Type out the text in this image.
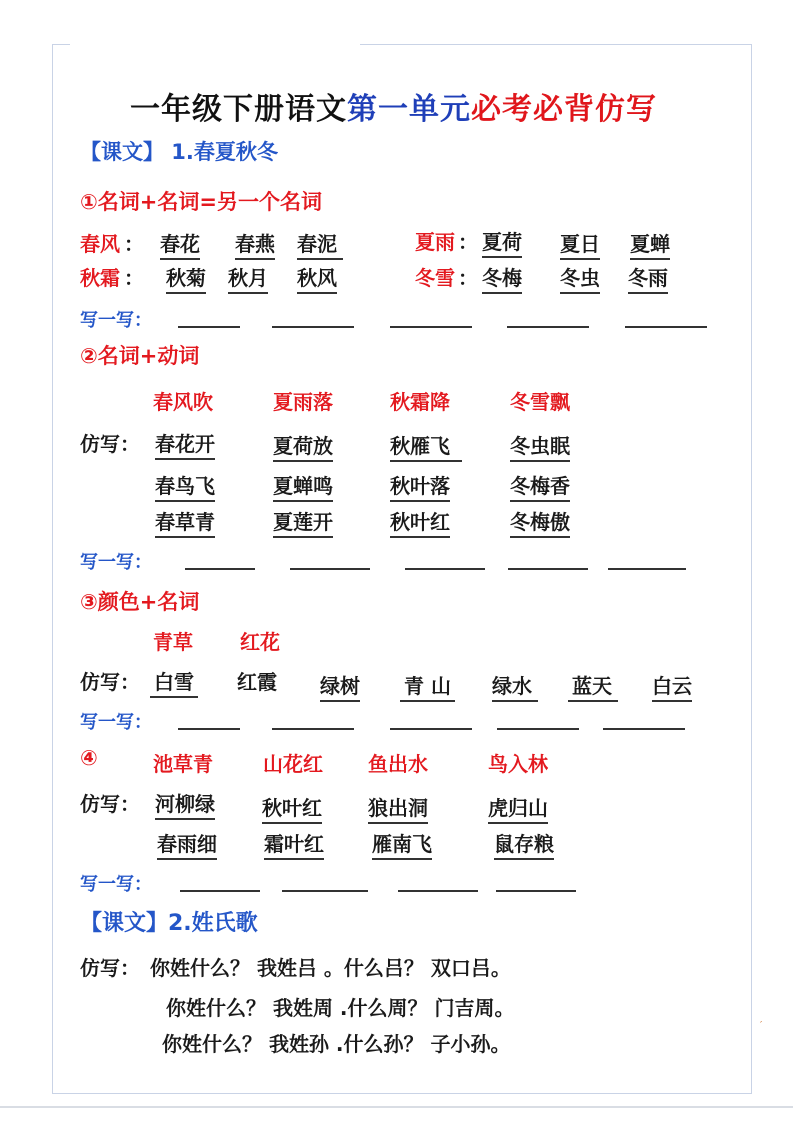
一年级下册语文第一单元必考必背仿写
【课文】 1.春夏秋冬
①名词+名词=另一个名词
春风 ： 春花 春燕 春泥	夏雨 ： 夏荷 夏日 夏蝉
秋霜 ： 秋菊 秋月 秋风	冬雪 ： 冬梅 冬虫 冬雨
写一写：
②名词+动词
春风吹	夏雨落	秋霜降	冬雪飘
仿写： 春花开	夏荷放	秋雁飞	冬虫眠
春鸟飞	夏蝉鸣	秋叶落	冬梅香
春草青	夏莲开	秋叶红	冬梅傲
写一写：
③颜色+名词
青草 红花
仿写： 白雪 红霞 绿树 青 山 绿水	蓝天	白云
写一写：
④	池草青	山花红 鱼出水	鸟入林
仿写： 河柳绿 秋叶红 狼出洞	虎归山
春雨细 霜叶红 雁南飞	鼠存粮
写一写：
【课文】2.姓氏歌
仿写： 你姓什么？ 我姓吕 。什么吕？ 双口吕。
你姓什么？ 我姓周 .什么周？ 门吉周。
你姓什么？ 我姓孙 .什么孙？ 子小孙。
′
